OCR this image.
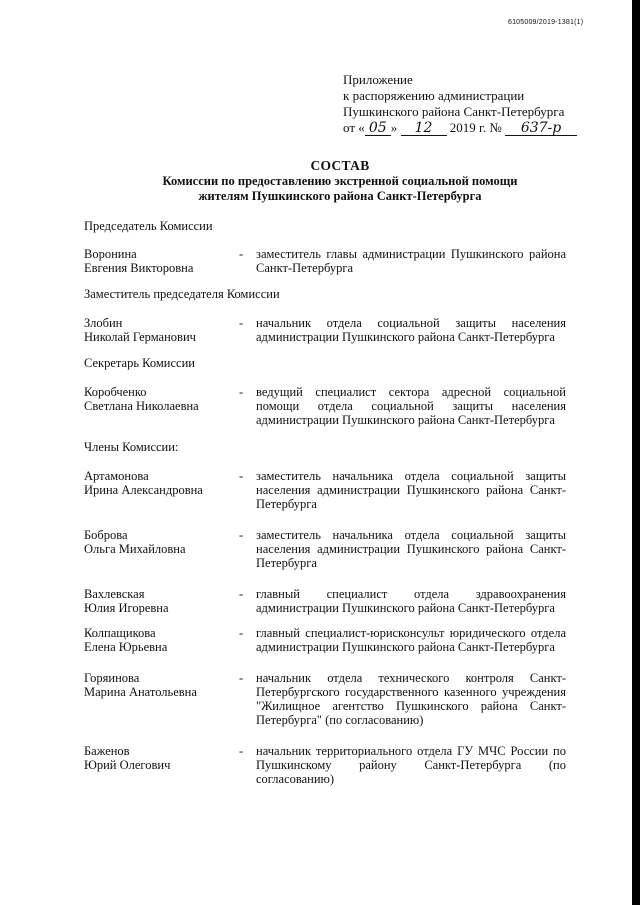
6105009/2019-1381(1)
Приложение
к распоряжению администрации
Пушкинского района Санкт-Петербурга
от « 05 » 12 2019 г. № 637-р
СОСТАВ
Комиссии по предоставлению экстренной социальной помощи
жителям Пушкинского района Санкт-Петербурга
Председатель Комиссии
Воронина
Евгения Викторовна
- заместитель главы администрации Пушкинского района Санкт-Петербурга
Заместитель председателя Комиссии
Злобин
Николай Германович
- начальник отдела социальной защиты населения администрации Пушкинского района Санкт-Петербурга
Секретарь Комиссии
Коробченко
Светлана Николаевна
- ведущий специалист сектора адресной социальной помощи отдела социальной защиты населения администрации Пушкинского района Санкт-Петербурга
Члены Комиссии:
Артамонова
Ирина Александровна
- заместитель начальника отдела социальной защиты населения администрации Пушкинского района Санкт-Петербурга
Боброва
Ольга Михайловна
- заместитель начальника отдела социальной защиты населения администрации Пушкинского района Санкт-Петербурга
Вахлевская
Юлия Игоревна
- главный специалист отдела здравоохранения администрации Пушкинского района Санкт-Петербурга
Колпащикова
Елена Юрьевна
- главный специалист-юрисконсульт юридического отдела администрации Пушкинского района Санкт-Петербурга
Горяинова
Марина Анатольевна
- начальник отдела технического контроля Санкт-Петербургского государственного казенного учреждения "Жилищное агентство Пушкинского района Санкт-Петербурга" (по согласованию)
Баженов
Юрий Олегович
- начальник территориального отдела ГУ МЧС России по Пушкинскому району Санкт-Петербурга (по согласованию)
